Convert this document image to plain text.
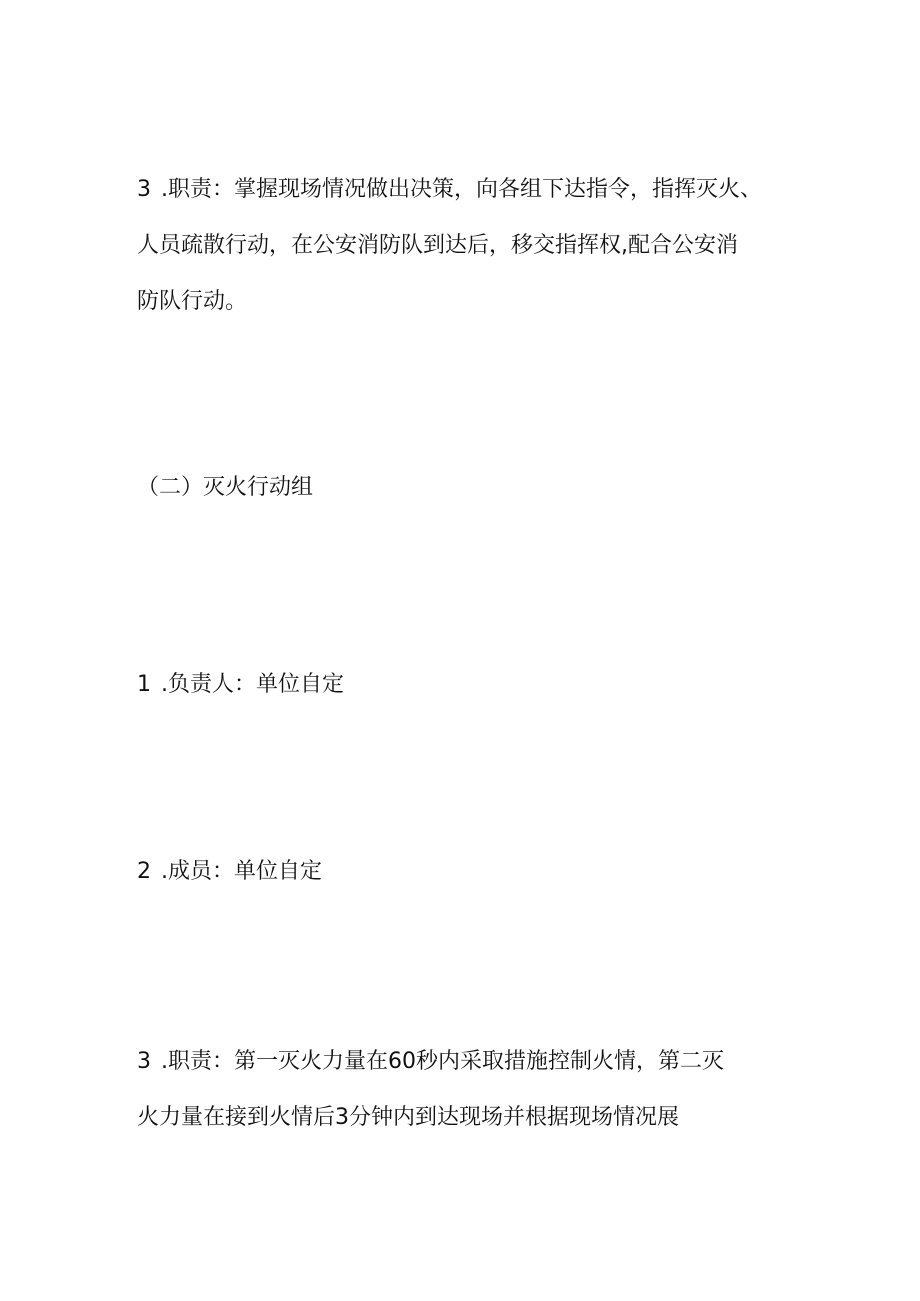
3 .职责：掌握现场情况做出决策，向各组下达指令，指挥灭火、
人员疏散行动，在公安消防队到达后，移交指挥权,配合公安消
防队行动。
（二）灭火行动组
1 .负责人：单位自定
2 .成员：单位自定
3 .职责：第一灭火力量在60秒内采取措施控制火情，第二灭
火力量在接到火情后3分钟内到达现场并根据现场情况展
